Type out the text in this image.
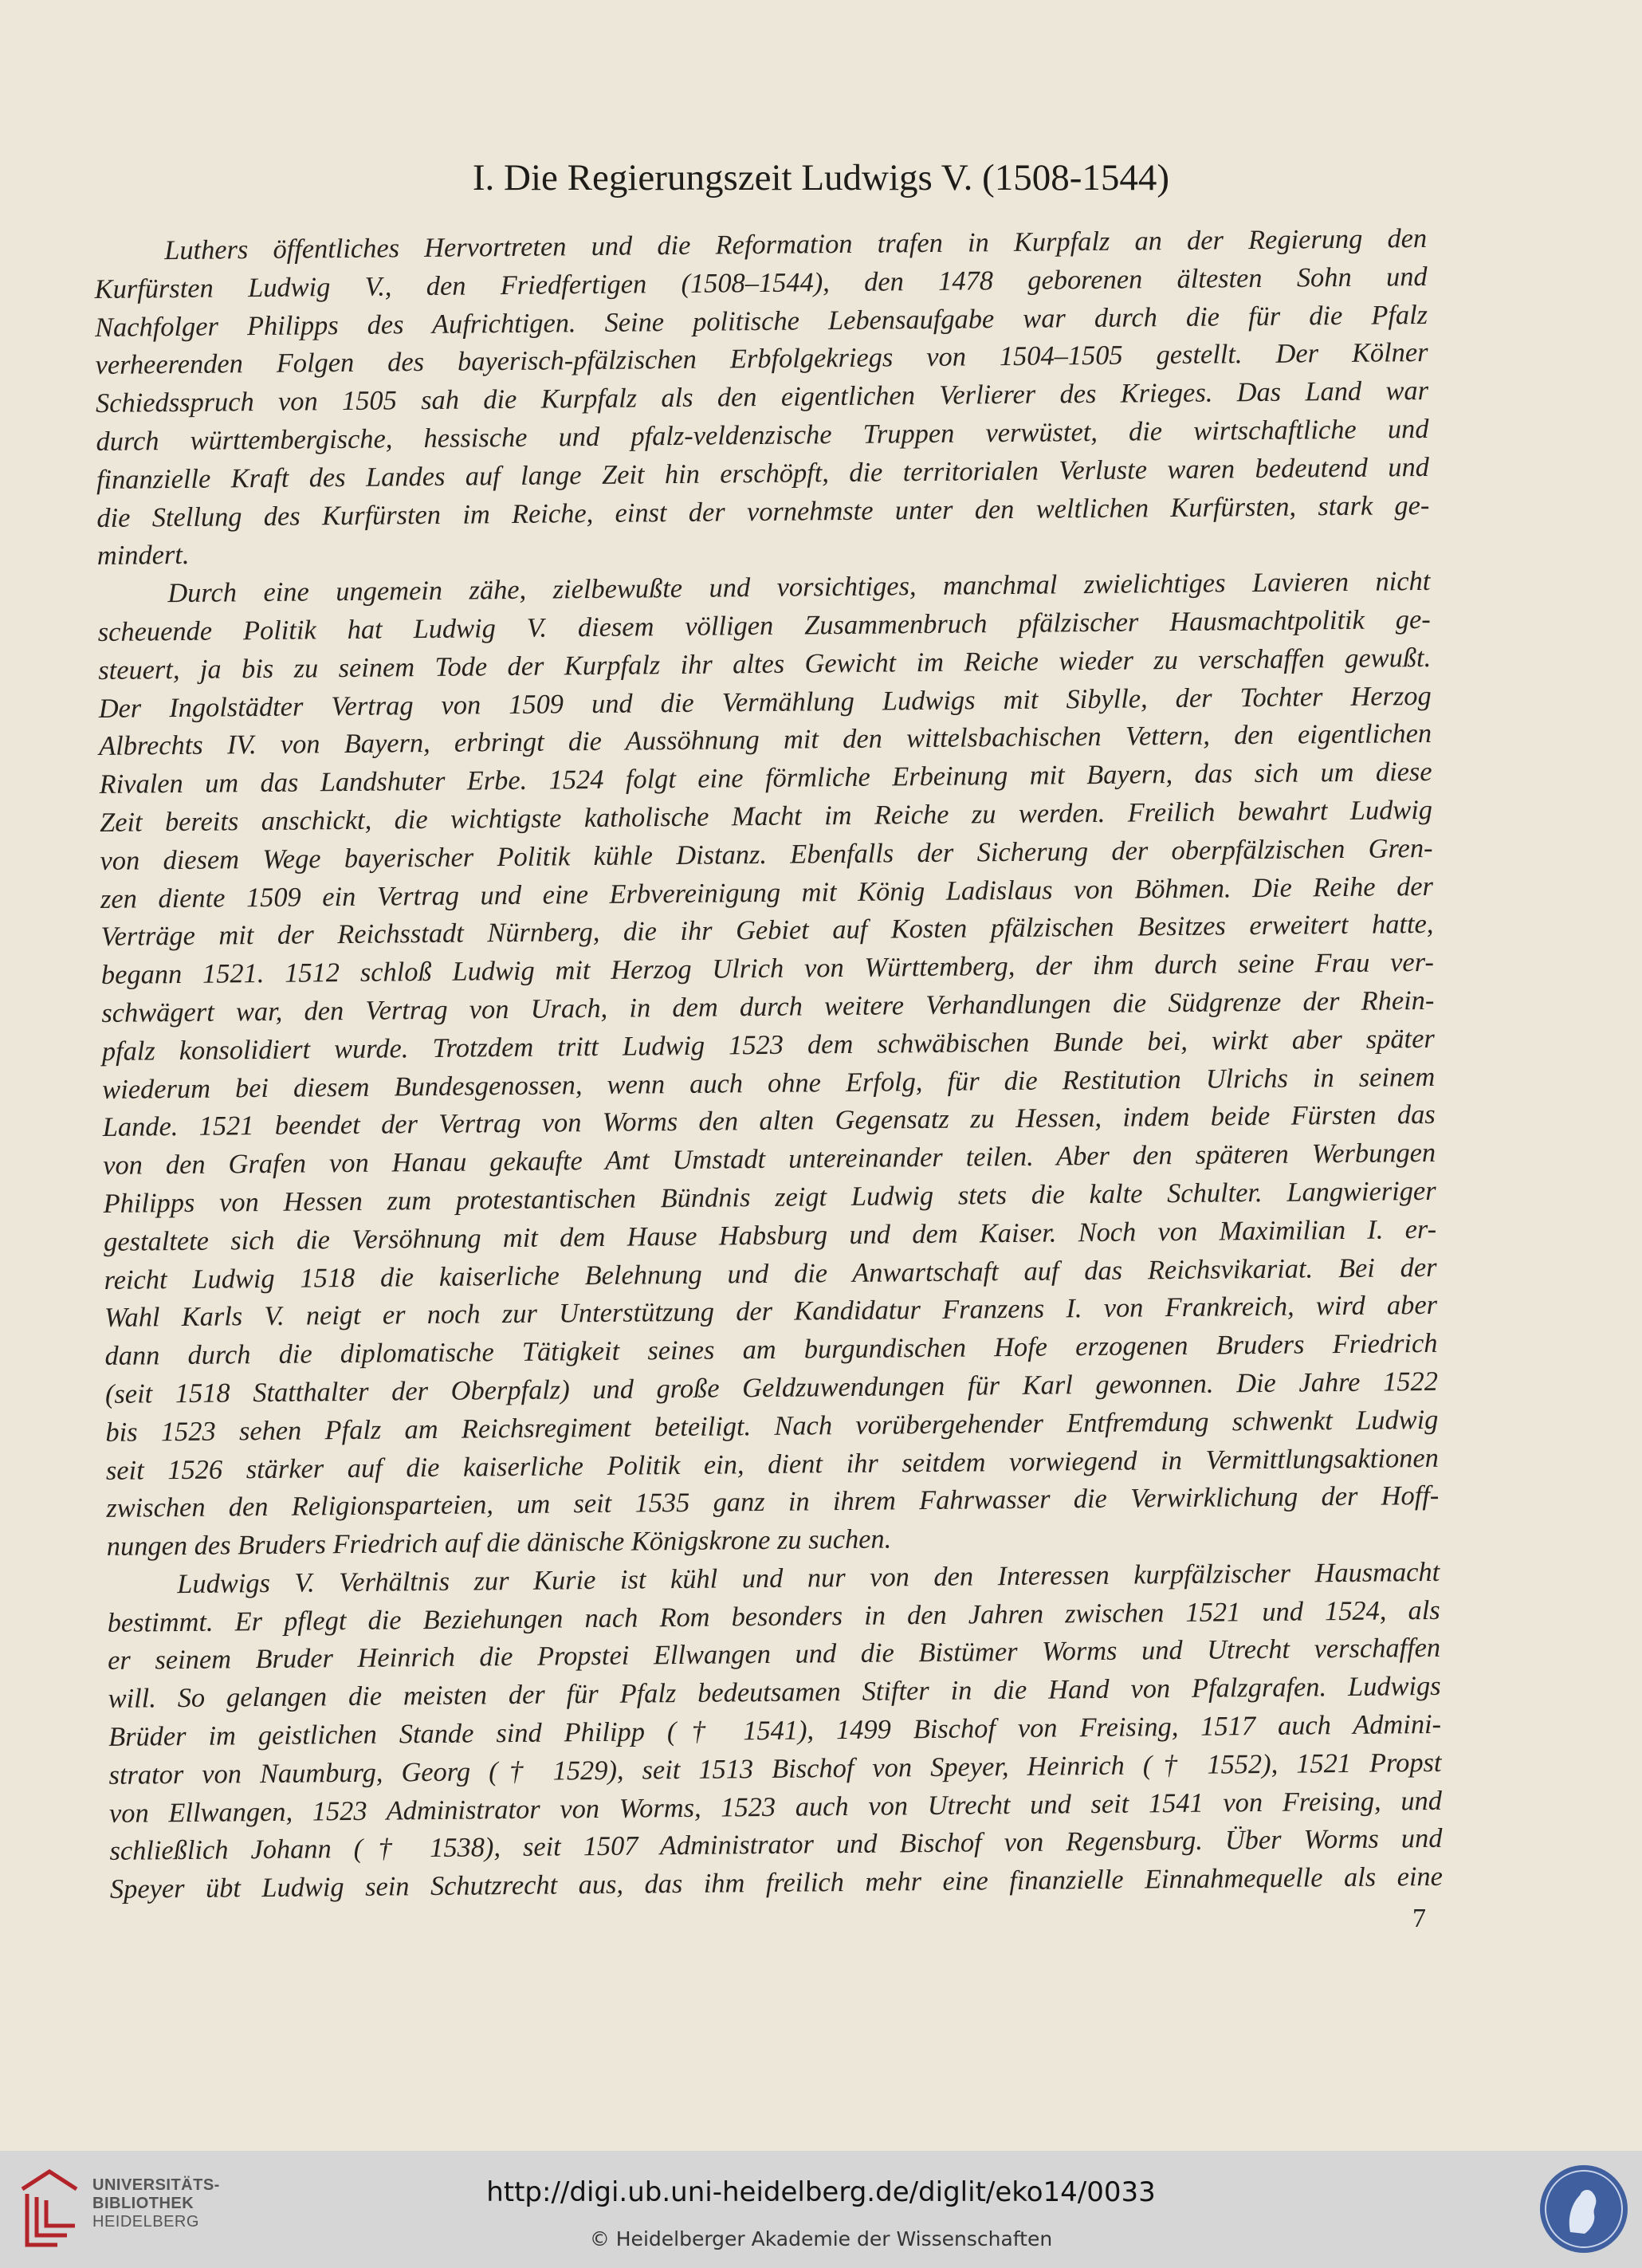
I. Die Regierungszeit Ludwigs V. (1508-1544)
Luthers öffentliches Hervortreten und die Reformation trafen in Kurpfalz an der Regierung den
Kurfürsten Ludwig V., den Friedfertigen (1508–1544), den 1478 geborenen ältesten Sohn und
Nachfolger Philipps des Aufrichtigen. Seine politische Lebensaufgabe war durch die für die Pfalz
verheerenden Folgen des bayerisch-pfälzischen Erbfolgekriegs von 1504–1505 gestellt. Der Kölner
Schiedsspruch von 1505 sah die Kurpfalz als den eigentlichen Verlierer des Krieges. Das Land war
durch württembergische, hessische und pfalz-veldenzische Truppen verwüstet, die wirtschaftliche und
finanzielle Kraft des Landes auf lange Zeit hin erschöpft, die territorialen Verluste waren bedeutend und
die Stellung des Kurfürsten im Reiche, einst der vornehmste unter den weltlichen Kurfürsten, stark ge-
mindert.
Durch eine ungemein zähe, zielbewußte und vorsichtiges, manchmal zwielichtiges Lavieren nicht
scheuende Politik hat Ludwig V. diesem völligen Zusammenbruch pfälzischer Hausmachtpolitik ge-
steuert, ja bis zu seinem Tode der Kurpfalz ihr altes Gewicht im Reiche wieder zu verschaffen gewußt.
Der Ingolstädter Vertrag von 1509 und die Vermählung Ludwigs mit Sibylle, der Tochter Herzog
Albrechts IV. von Bayern, erbringt die Aussöhnung mit den wittelsbachischen Vettern, den eigentlichen
Rivalen um das Landshuter Erbe. 1524 folgt eine förmliche Erbeinung mit Bayern, das sich um diese
Zeit bereits anschickt, die wichtigste katholische Macht im Reiche zu werden. Freilich bewahrt Ludwig
von diesem Wege bayerischer Politik kühle Distanz. Ebenfalls der Sicherung der oberpfälzischen Gren-
zen diente 1509 ein Vertrag und eine Erbvereinigung mit König Ladislaus von Böhmen. Die Reihe der
Verträge mit der Reichsstadt Nürnberg, die ihr Gebiet auf Kosten pfälzischen Besitzes erweitert hatte,
begann 1521. 1512 schloß Ludwig mit Herzog Ulrich von Württemberg, der ihm durch seine Frau ver-
schwägert war, den Vertrag von Urach, in dem durch weitere Verhandlungen die Südgrenze der Rhein-
pfalz konsolidiert wurde. Trotzdem tritt Ludwig 1523 dem schwäbischen Bunde bei, wirkt aber später
wiederum bei diesem Bundesgenossen, wenn auch ohne Erfolg, für die Restitution Ulrichs in seinem
Lande. 1521 beendet der Vertrag von Worms den alten Gegensatz zu Hessen, indem beide Fürsten das
von den Grafen von Hanau gekaufte Amt Umstadt untereinander teilen. Aber den späteren Werbungen
Philipps von Hessen zum protestantischen Bündnis zeigt Ludwig stets die kalte Schulter. Langwieriger
gestaltete sich die Versöhnung mit dem Hause Habsburg und dem Kaiser. Noch von Maximilian I. er-
reicht Ludwig 1518 die kaiserliche Belehnung und die Anwartschaft auf das Reichsvikariat. Bei der
Wahl Karls V. neigt er noch zur Unterstützung der Kandidatur Franzens I. von Frankreich, wird aber
dann durch die diplomatische Tätigkeit seines am burgundischen Hofe erzogenen Bruders Friedrich
(seit 1518 Statthalter der Oberpfalz) und große Geldzuwendungen für Karl gewonnen. Die Jahre 1522
bis 1523 sehen Pfalz am Reichsregiment beteiligt. Nach vorübergehender Entfremdung schwenkt Ludwig
seit 1526 stärker auf die kaiserliche Politik ein, dient ihr seitdem vorwiegend in Vermittlungsaktionen
zwischen den Religionsparteien, um seit 1535 ganz in ihrem Fahrwasser die Verwirklichung der Hoff-
nungen des Bruders Friedrich auf die dänische Königskrone zu suchen.
Ludwigs V. Verhältnis zur Kurie ist kühl und nur von den Interessen kurpfälzischer Hausmacht
bestimmt. Er pflegt die Beziehungen nach Rom besonders in den Jahren zwischen 1521 und 1524, als
er seinem Bruder Heinrich die Propstei Ellwangen und die Bistümer Worms und Utrecht verschaffen
will. So gelangen die meisten der für Pfalz bedeutsamen Stifter in die Hand von Pfalzgrafen. Ludwigs
Brüder im geistlichen Stande sind Philipp († 1541), 1499 Bischof von Freising, 1517 auch Admini-
strator von Naumburg, Georg († 1529), seit 1513 Bischof von Speyer, Heinrich († 1552), 1521 Propst
von Ellwangen, 1523 Administrator von Worms, 1523 auch von Utrecht und seit 1541 von Freising, und
schließlich Johann († 1538), seit 1507 Administrator und Bischof von Regensburg. Über Worms und
Speyer übt Ludwig sein Schutzrecht aus, das ihm freilich mehr eine finanzielle Einnahmequelle als eine
7
UNIVERSITÄTS-
BIBLIOTHEK
HEIDELBERG
http://digi.ub.uni-heidelberg.de/diglit/eko14/0033
© Heidelberger Akademie der Wissenschaften
